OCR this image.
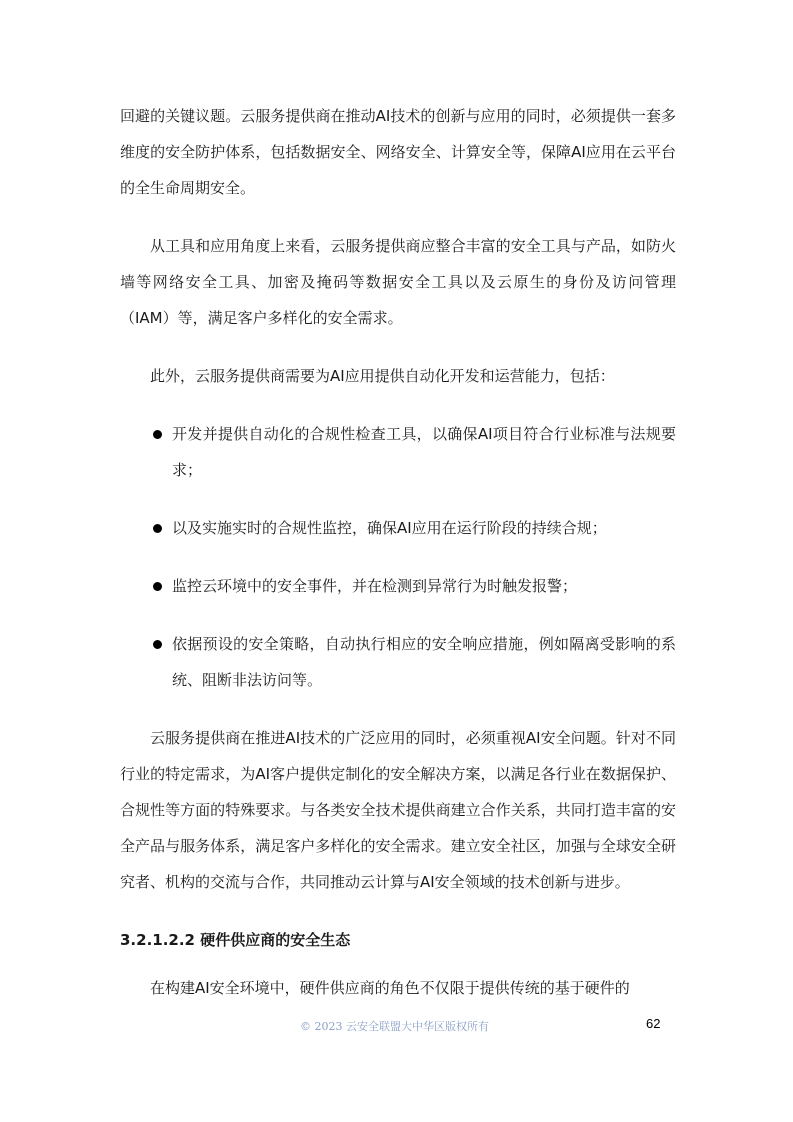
回避的关键议题。云服务提供商在推动AI技术的创新与应用的同时，必须提供一套多维度的安全防护体系，包括数据安全、网络安全、计算安全等，保障AI应用在云平台的全生命周期安全。

从工具和应用角度上来看，云服务提供商应整合丰富的安全工具与产品，如防火墙等网络安全工具、加密及掩码等数据安全工具以及云原生的身份及访问管理（IAM）等，满足客户多样化的安全需求。

此外，云服务提供商需要为AI应用提供自动化开发和运营能力，包括：

开发并提供自动化的合规性检查工具，以确保AI项目符合行业标准与法规要求；
以及实施实时的合规性监控，确保AI应用在运行阶段的持续合规；
监控云环境中的安全事件，并在检测到异常行为时触发报警；
依据预设的安全策略，自动执行相应的安全响应措施，例如隔离受影响的系统、阻断非法访问等。

云服务提供商在推进AI技术的广泛应用的同时，必须重视AI安全问题。针对不同行业的特定需求，为AI客户提供定制化的安全解决方案，以满足各行业在数据保护、合规性等方面的特殊要求。与各类安全技术提供商建立合作关系，共同打造丰富的安全产品与服务体系，满足客户多样化的安全需求。建立安全社区，加强与全球安全研究者、机构的交流与合作，共同推动云计算与AI安全领域的技术创新与进步。

3.2.1.2.2 硬件供应商的安全生态

在构建AI安全环境中，硬件供应商的角色不仅限于提供传统的基于硬件的

© 2023 云安全联盟大中华区版权所有	62
